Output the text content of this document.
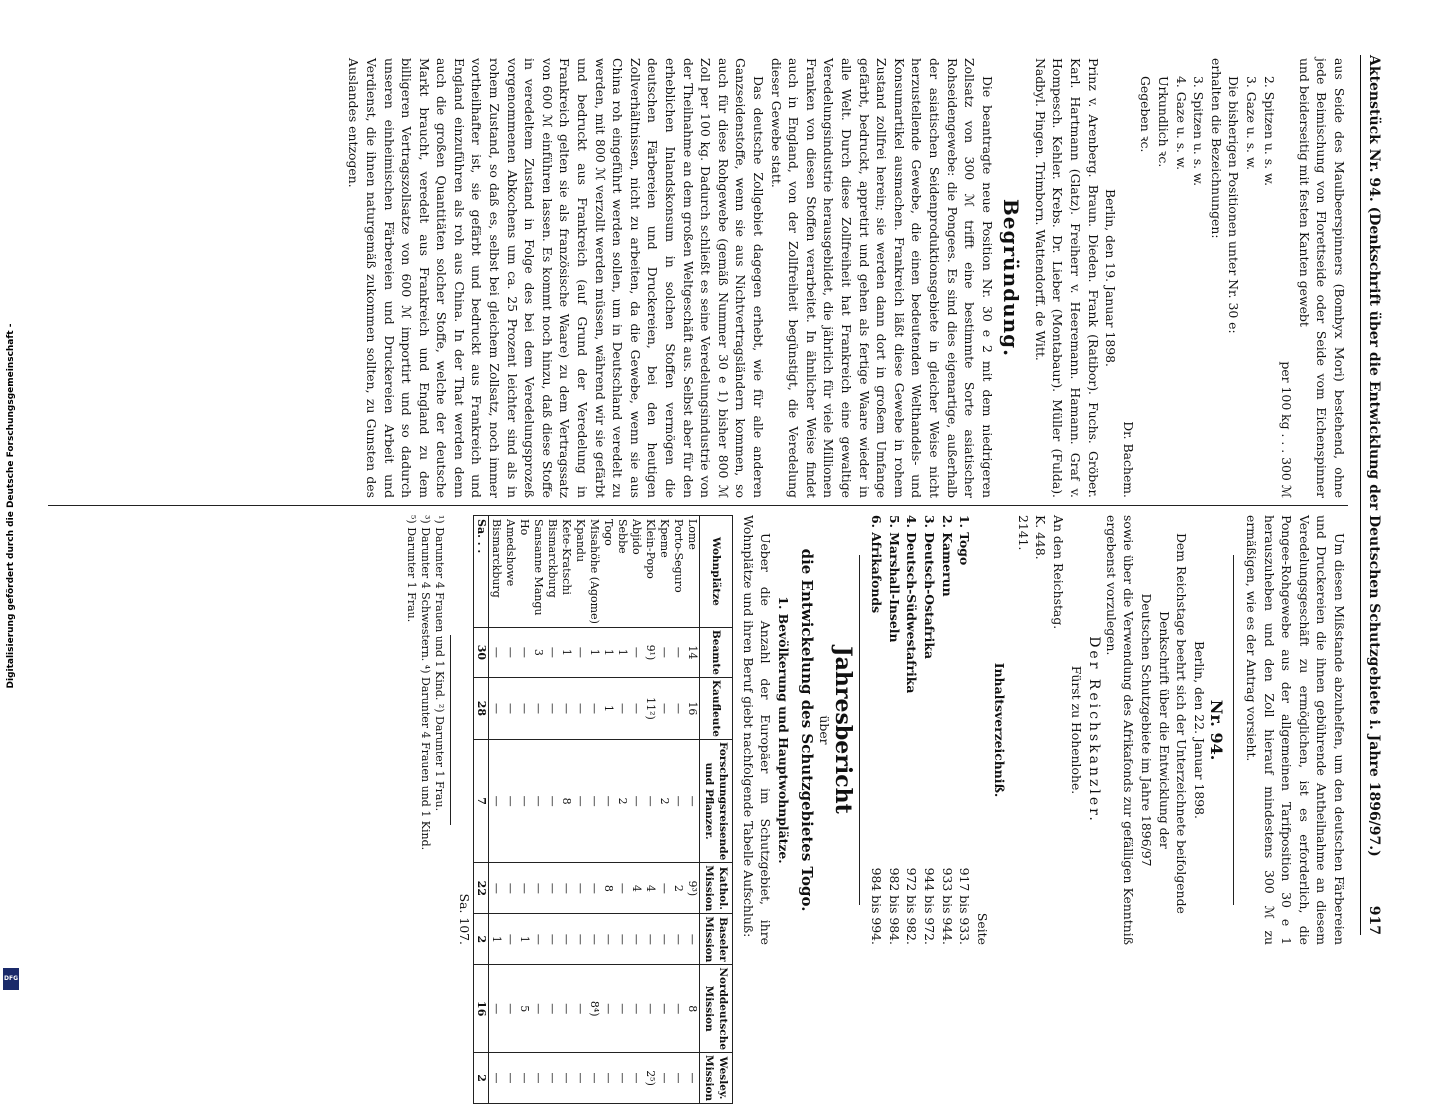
Digitalisierung gefördert durch die Deutsche Forschungsgemeinschaft -
DFG
Aktenstück Nr. 94. (Denkschrift über die Entwicklung der Deutschen Schutzgebiete i. Jahre 1896/97.)
917

aus Seide des Maulbeerspinners (Bombyx Mori) bestehend, ohne jede Beimischung von Florettseide oder Seide vom Eichenspinner und beiderseitig mit festen Kanten gewebt

per 100 kg . . . 300 ℳ

2. Spitzen u. s. w.

3. Gaze u. s. w.

Die bisherigen Positionen unter Nr. 30 e:

erhalten die Bezeichnungen:

3. Spitzen u. s. w.

4. Gaze u. s. w.

Urkundlich ꝛc.

Gegeben ꝛc.

Dr. Bachem.

Berlin, den 19. Januar 1898.

Prinz v. Arenberg. Braun. Dieden. Frank (Ratibor). Fuchs. Gröber. Karl. Hartmann (Glatz). Freiherr v. Heeremann. Hamann. Graf v. Hompesch. Kehler. Krebs. Dr. Lieber (Montabaur). Müller (Fulda). Nadbyl. Pingen. Trimborn. Wattendorff. de Witt.

Begründung.

Die beantragte neue Position Nr. 30 e 2 mit dem niedrigeren Zollsatz von 300 ℳ trifft eine bestimmte Sorte asiatischer Rohseidengewebe: die Pongees. Es sind dies eigenartige, außerhalb der asiatischen Seidenproduktionsgebiete in gleicher Weise nicht herzustellende Gewebe, die einen bedeutenden Welthandels- und Konsumartikel ausmachen. Frankreich läßt diese Gewebe in rohem Zustand zollfrei herein; sie werden dann dort in großem Umfange gefärbt, bedruckt, appretirt und gehen als fertige Waare wieder in alle Welt. Durch diese Zollfreiheit hat Frankreich eine gewaltige Veredelungsindustrie herausgebildet, die jährlich für viele Millionen Franken von diesen Stoffen verarbeitet. In ähnlicher Weise findet auch in England, von der Zollfreiheit begünstigt, die Veredelung dieser Gewebe statt.

Das deutsche Zollgebiet dagegen erhebt, wie für alle anderen Ganzseidenstoffe, wenn sie aus Nichtvertragsländern kommen, so auch für diese Rohgewebe (gemäß Nummer 30 e 1) bisher 800 ℳ Zoll per 100 kg. Dadurch schließt es seine Veredelungsindustrie von der Theilnahme an dem großen Weltgeschäft aus. Selbst aber für den erheblichen Inlandskonsum in solchen Stoffen vermögen die deutschen Färbereien und Druckereien, bei den heutigen Zollverhältnissen, nicht zu arbeiten, da die Gewebe, wenn sie aus China roh eingeführt werden sollen, um in Deutschland veredelt zu werden, mit 800 ℳ verzollt werden müssen, während wir sie gefärbt und bedruckt aus Frankreich (auf Grund der Veredelung in Frankreich gelten sie als französische Waare) zu dem Vertragssatz von 600 ℳ einführen lassen. Es kommt noch hinzu, daß diese Stoffe in veredeltem Zustand in Folge des bei dem Veredelungsprozeß vorgenommenen Abkochens um ca. 25 Prozent leichter sind als in rohem Zustand, so daß es, selbst bei gleichem Zollsatz, noch immer vortheilhafter ist, sie gefärbt und bedruckt aus Frankreich und England einzuführen als roh aus China. In der That werden denn auch die großen Quantitäten solcher Stoffe, welche der deutsche Markt braucht, veredelt aus Frankreich und England zu dem billigeren Vertragszollsatze von 600 ℳ importirt und so dadurch unseren einheimischen Färbereien und Druckereien Arbeit und Verdienst, die ihnen naturgemäß zukommen sollten, zu Gunsten des Auslandes entzogen.

Um diesen Mißstande abzuhelfen, um den deutschen Färbereien und Druckereien die ihnen gebührende Antheilnahme an diesem Veredelungsgeschäft zu ermöglichen, ist es erforderlich, die Pongee-Rohgewebe aus der allgemeinen Tarifposition 30 e 1 herauszuheben und den Zoll hierauf mindestens 300 ℳ zu ermäßigen, wie es der Antrag vorsieht.

Nr. 94.

Berlin, den 22. Januar 1898.

Dem Reichstage beehrt sich der Unterzeichnete beifolgende

Denkschrift über die Entwicklung der

Deutschen Schutzgebiete im Jahre 1896/97

sowie über die Verwendung des Afrikafonds zur gefälligen Kenntniß ergebenst vorzulegen.

Der Reichskanzler.

Fürst zu Hohenlohe.

An den Reichstag.

K. 448.

2141.

Inhaltsverzeichniß.

Seite

1. Togo
917 bis 933.
2. Kamerun
933 bis 944.
3. Deutsch-Ostafrika
944 bis 972.
4. Deutsch-Südwestafrika
972 bis 982.
5. Marshall-Inseln
982 bis 984.
6. Afrikafonds
984 bis 994.

Jahresbericht

über

die Entwickelung des Schutzgebietes Togo.

1. Bevölkerung und Hauptwohnplätze.

Ueber die Anzahl der Europäer im Schutzgebiet, ihre Wohnplätze und ihren Beruf giebt nachfolgende Tabelle Aufschluß:

Wohnplätze	Beamte	Kaufleute	Forschungsreisende und Pflanzer.	Kathol. Mission	Baseler Mission	Norddeutsche Mission	Wesley. Mission
Lome	14	16	—	9³)	—	8	—
Porto-Seguro	—	—	—	2	—	—	—
Kpeme	—	—	2	—	—	—	—
Klein-Popo	9¹)	11²)	—	4	—	—	2⁵)
Abjido	—	—	—	4	—	—	—
Sebbe	1	—	2	—	—	—	—
Togo	1	1	—	8	—	—	—
Misahöhe (Agome)	1	—	—	—	—	8⁴)	—
Kpandu	—	—	—	—	—	—	—
Kete-Kratschi	1	—	8	—	—	—	—
Bismarckburg	—	—	—	—	—	—	—
Sansanne Mangu	3	—	—	—	—	—	—
Ho	—	—	—	—	1	5	—
Amedshowe	—	—	—	—	—	—	—
Bismarckburg	—	—	—	—	1	—	—
Sa. . .	30	28	7	22	2	16	2

Sa. 107.

¹) Darunter 4 Frauen und 1 Kind. ²) Darunter 1 Frau.

³) Darunter 4 Schwestern. ⁴) Darunter 4 Frauen und 1 Kind.

⁵) Darunter 1 Frau.
